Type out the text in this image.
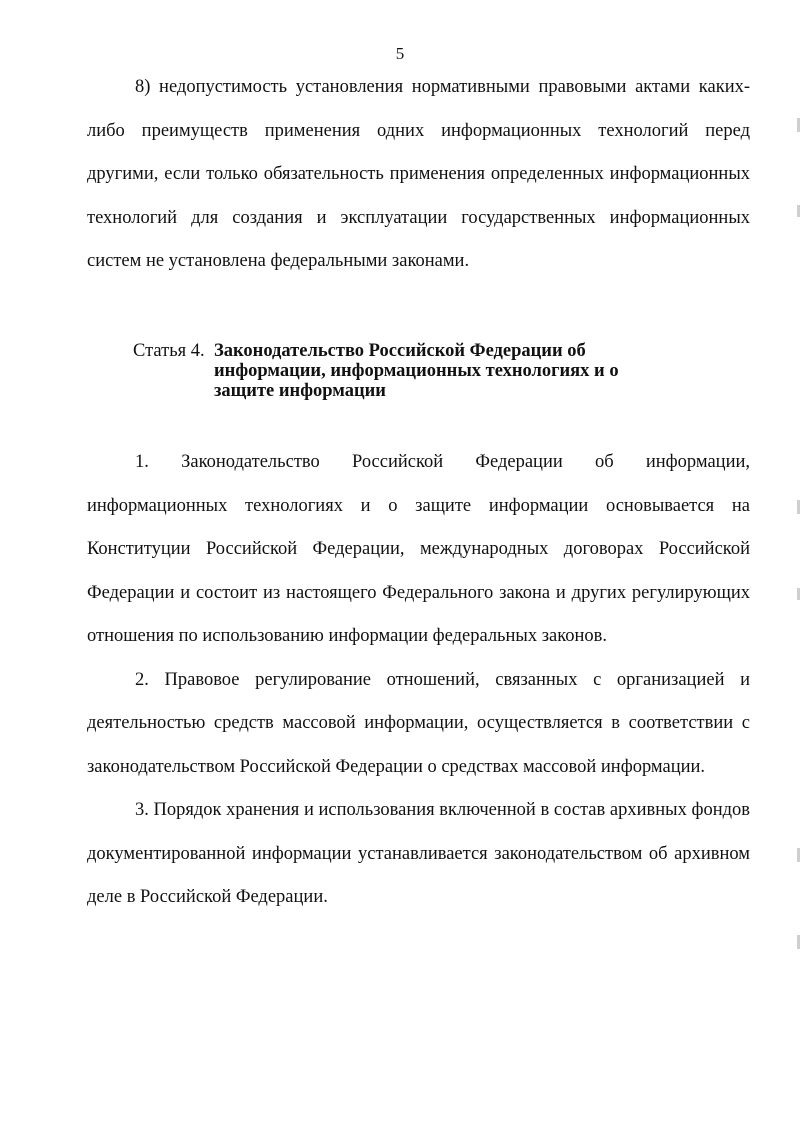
5
8) недопустимость установления нормативными правовыми актами каких-либо преимуществ применения одних информационных технологий перед другими, если только обязательность применения определенных информационных технологий для создания и эксплуатации государственных информационных систем не установлена федеральными законами.
Статья 4. Законодательство Российской Федерации об информации, информационных технологиях и о защите информации

1. Законодательство Российской Федерации об информации, информационных технологиях и о защите информации основывается на Конституции Российской Федерации, международных договорах Российской Федерации и состоит из настоящего Федерального закона и других регулирующих отношения по использованию информации федеральных законов.

2. Правовое регулирование отношений, связанных с организацией и деятельностью средств массовой информации, осуществляется в соответствии с законодательством Российской Федерации о средствах массовой информации.

3. Порядок хранения и использования включенной в состав архивных фондов документированной информации устанавливается законодательством об архивном деле в Российской Федерации.
